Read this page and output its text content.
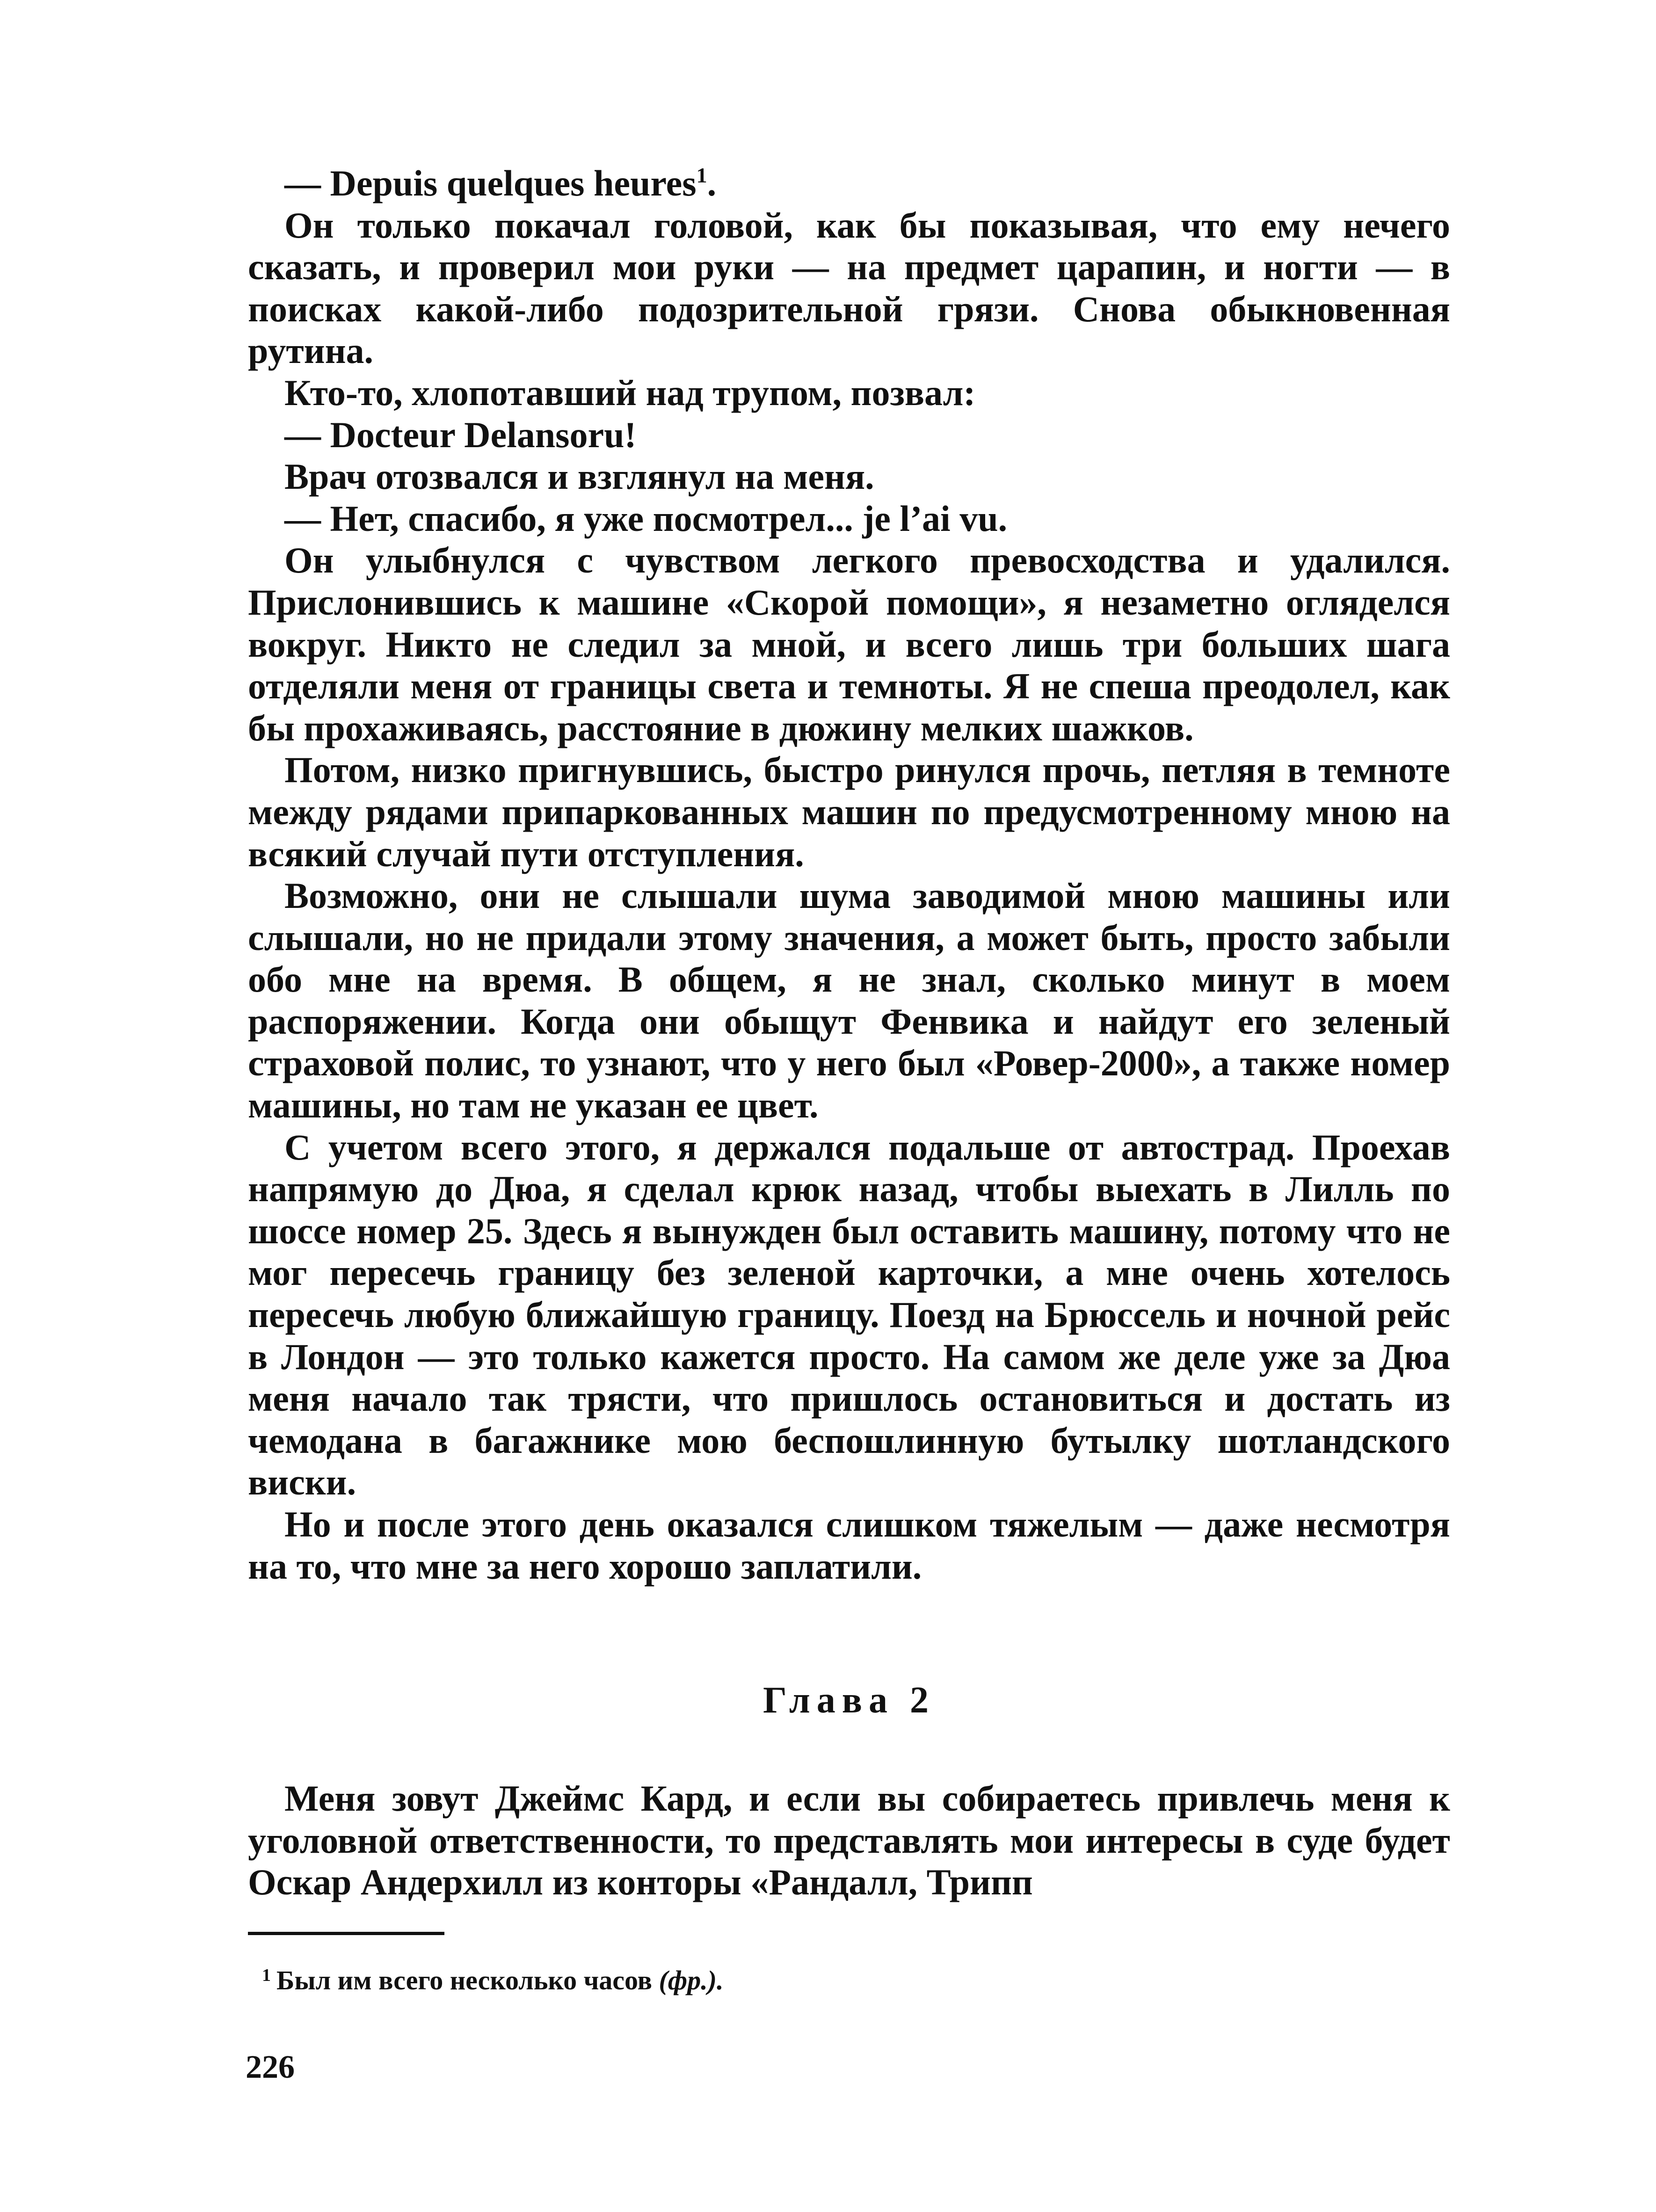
— Depuis quelques heures$^1$.

Он только покачал головой, как бы показывая, что ему нечего сказать, и проверил мои руки — на предмет царапин, и ногти — в поисках какой-либо подозрительной грязи. Снова обыкновенная рутина.

Кто-то, хлопотавший над трупом, позвал:

— Docteur Delansoru!

Врач отозвался и взглянул на меня.

— Нет, спасибо, я уже посмотрел... je l’ai vu.

Он улыбнулся с чувством легкого превосходства и удалился. Прислонившись к машине «Скорой помощи», я незаметно огляделся вокруг. Никто не следил за мной, и всего лишь три больших шага отделяли меня от границы света и темноты. Я не спеша преодолел, как бы прохаживаясь, расстояние в дюжину мелких шажков.

Потом, низко пригнувшись, быстро ринулся прочь, петляя в темноте между рядами припаркованных машин по предусмотренному мною на всякий случай пути отступления.

Возможно, они не слышали шума заводимой мною машины или слышали, но не придали этому значения, а может быть, просто забыли обо мне на время. В общем, я не знал, сколько минут в моем распоряжении. Когда они обыщут Фенвика и найдут его зеленый страховой полис, то узнают, что у него был «Ровер-2000», а также номер машины, но там не указан ее цвет.

С учетом всего этого, я держался подальше от автострад. Проехав напрямую до Дюа, я сделал крюк назад, чтобы выехать в Лилль по шоссе номер 25. Здесь я вынужден был оставить машину, потому что не мог пересечь границу без зеленой карточки, а мне очень хотелось пересечь любую ближайшую границу. Поезд на Брюссель и ночной рейс в Лондон — это только кажется просто. На самом же деле уже за Дюа меня начало так трясти, что пришлось остановиться и достать из чемодана в багажнике мою беспошлинную бутылку шотландского виски.

Но и после этого день оказался слишком тяжелым — даже несмотря на то, что мне за него хорошо заплатили.

Глава 2

Меня зовут Джеймс Кард, и если вы собираетесь привлечь меня к уголовной ответственности, то представлять мои интересы в суде будет Оскар Андерхилл из конторы «Рандалл, Трипп

$^1$ Был им всего несколько часов (фр.).
226
